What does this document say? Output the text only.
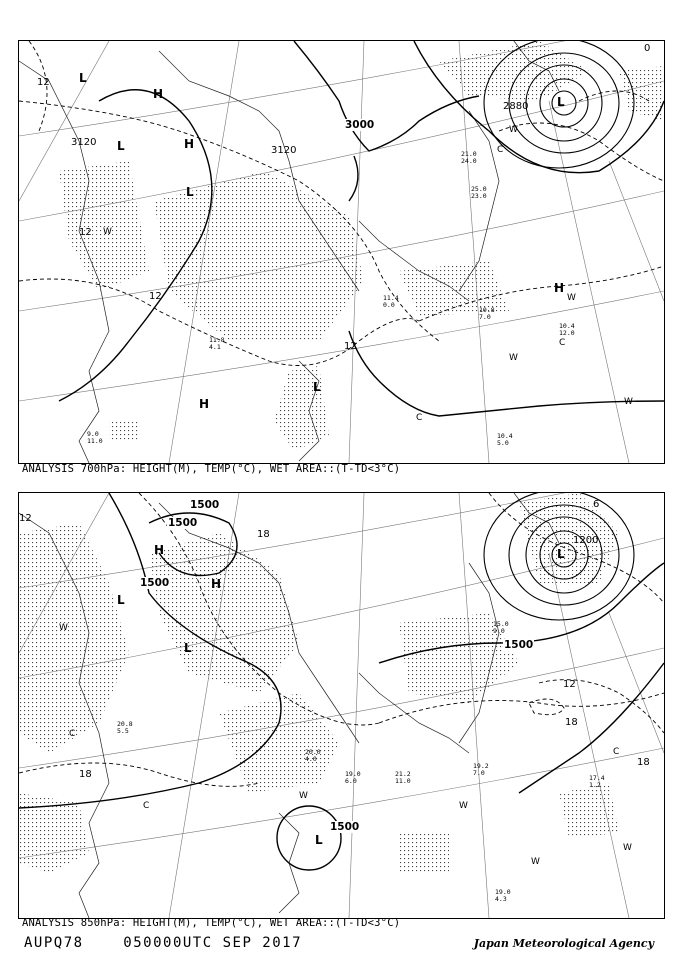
3000
3120
3120
2880
12
12
12
12
0
L
H
H
L
L
H
L
H
L
W
W
W
W
W
C
C
C
10.8
7.0
10.4
12.0
10.4
5.0
25.0
23.0
21.0
24.0
11.4
0.0
11.8
4.1
9.0
11.0
ANALYSIS 700hPa: HEIGHT(M), TEMP(°C), WET AREA::(T-TD<3°C)
1500
1500
1500
1500
1500
1200
18
12
18
6
18
12
18
H
H
L
L
L
L
W
W
W
W
W
C
C
C
19.0
4.3
17.4
1.2
19.2
7.0
21.2
11.0
20.0
4.0
19.0
6.0
20.8
5.5
15.0
9.0
ANALYSIS 850hPa: HEIGHT(M), TEMP(°C), WET AREA::(T-TD<3°C)
AUPQ78	050000UTC SEP 2017	Japan Meteorological Agency
